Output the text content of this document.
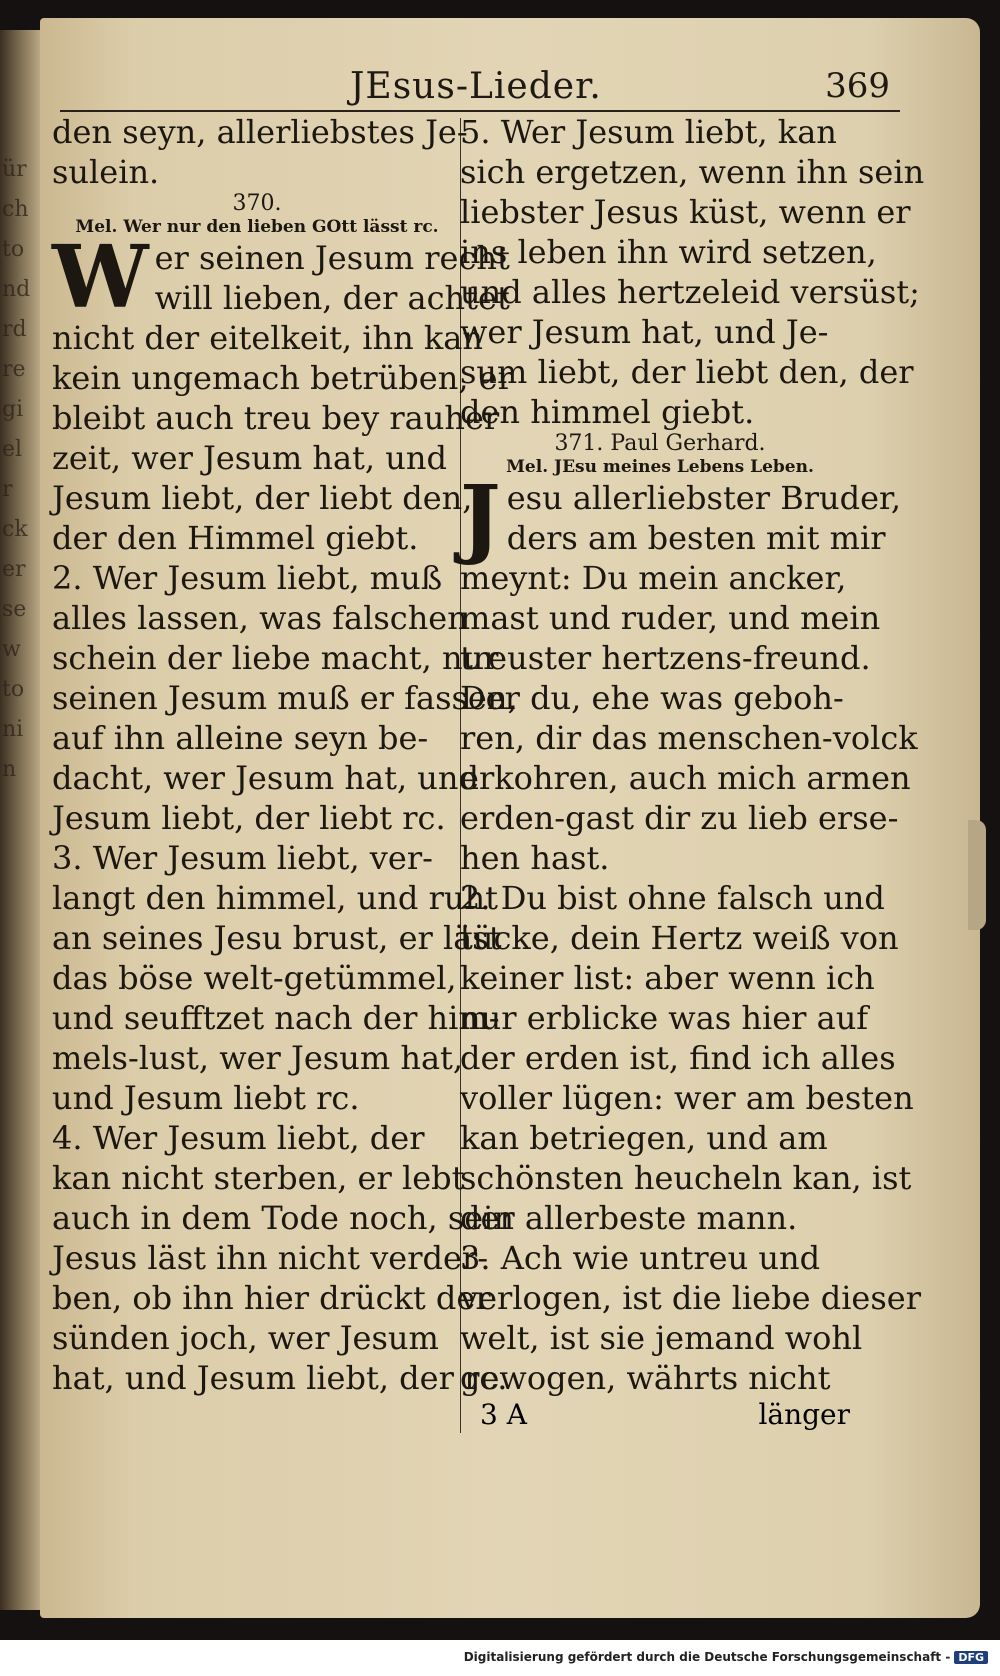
ür
ch
to
nd
rd
re
gi
el
r
ck
er
se
w
to
ni
n
JEsus-Lieder.	369
den seyn, allerliebstes Je-
sulein.
370.
Mel. Wer nur den lieben GOtt lässt rc.
W er seinen Jesum recht
will lieben, der achtet
nicht der eitelkeit, ihn kan
kein ungemach betrüben, er
bleibt auch treu bey rauher
zeit, wer Jesum hat, und
Jesum liebt, der liebt den,
der den Himmel giebt.
2. Wer Jesum liebt, muß
alles lassen, was falschen
schein der liebe macht, nur
seinen Jesum muß er fassen,
auf ihn alleine seyn be-
dacht, wer Jesum hat, und
Jesum liebt, der liebt rc.
3. Wer Jesum liebt, ver-
langt den himmel, und ruht
an seines Jesu brust, er läst
das böse welt-getümmel,
und seufftzet nach der him-
mels-lust, wer Jesum hat,
und Jesum liebt rc.
4. Wer Jesum liebt, der
kan nicht sterben, er lebt
auch in dem Tode noch, sein
Jesus läst ihn nicht verder-
ben, ob ihn hier drückt der
sünden joch, wer Jesum
hat, und Jesum liebt, der rc.
5. Wer Jesum liebt, kan
sich ergetzen, wenn ihn sein
liebster Jesus küst, wenn er
ins leben ihn wird setzen,
und alles hertzeleid versüst;
wer Jesum hat, und Je-
sum liebt, der liebt den, der
den himmel giebt.
371. Paul Gerhard.
Mel. JEsu meines Lebens Leben.
J esu allerliebster Bruder,
ders am besten mit mir
meynt: Du mein ancker,
mast und ruder, und mein
treuster hertzens-freund.
Der du, ehe was geboh-
ren, dir das menschen-volck
erkohren, auch mich armen
erden-gast dir zu lieb erse-
hen hast.
2. Du bist ohne falsch und
tücke, dein Hertz weiß von
keiner list: aber wenn ich
nur erblicke was hier auf
der erden ist, find ich alles
voller lügen: wer am besten
kan betriegen, und am
schönsten heucheln kan, ist
der allerbeste mann.
3. Ach wie untreu und
verlogen, ist die liebe dieser
welt, ist sie jemand wohl
gewogen, währts nicht
3 A	länger
Digitalisierung gefördert durch die Deutsche Forschungsgemeinschaft - DFG
